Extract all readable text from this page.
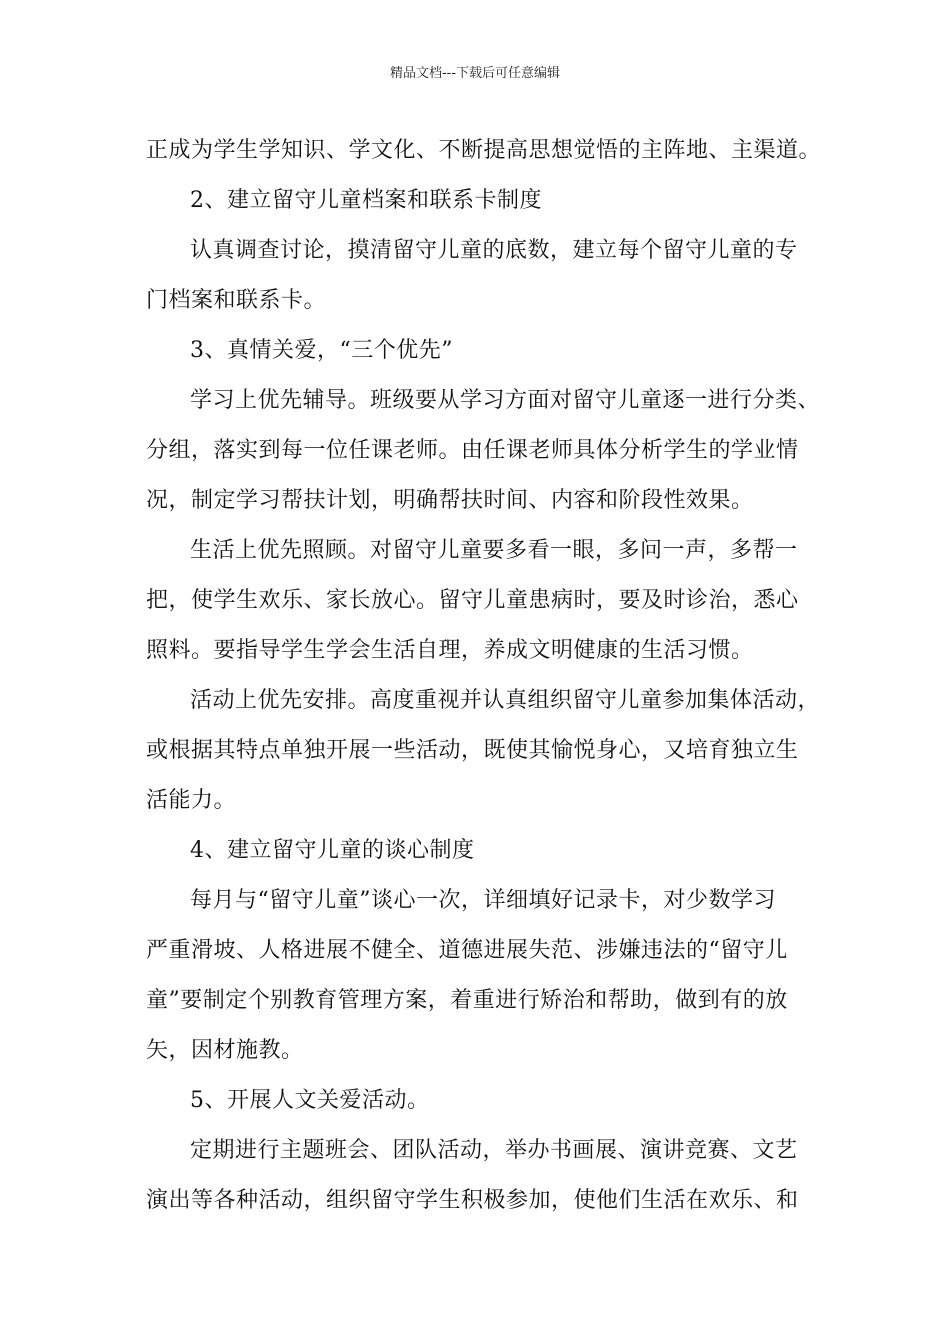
精品文档---下载后可任意编辑
正成为学生学知识、学文化、不断提高思想觉悟的主阵地、主渠道。
2、建立留守儿童档案和联系卡制度
认真调查讨论，摸清留守儿童的底数，建立每个留守儿童的专
门档案和联系卡。
3、真情关爱，“三个优先”
学习上优先辅导。班级要从学习方面对留守儿童逐一进行分类、
分组，落实到每一位任课老师。由任课老师具体分析学生的学业情
况，制定学习帮扶计划，明确帮扶时间、内容和阶段性效果。
生活上优先照顾。对留守儿童要多看一眼，多问一声，多帮一
把，使学生欢乐、家长放心。留守儿童患病时，要及时诊治，悉心
照料。要指导学生学会生活自理，养成文明健康的生活习惯。
活动上优先安排。高度重视并认真组织留守儿童参加集体活动，
或根据其特点单独开展一些活动，既使其愉悦身心，又培育独立生
活能力。
4、建立留守儿童的谈心制度
每月与“留守儿童”谈心一次，详细填好记录卡，对少数学习
严重滑坡、人格进展不健全、道德进展失范、涉嫌违法的“留守儿
童”要制定个别教育管理方案，着重进行矫治和帮助，做到有的放
矢，因材施教。
5、开展人文关爱活动。
定期进行主题班会、团队活动，举办书画展、演讲竞赛、文艺
演出等各种活动，组织留守学生积极参加，使他们生活在欢乐、和
